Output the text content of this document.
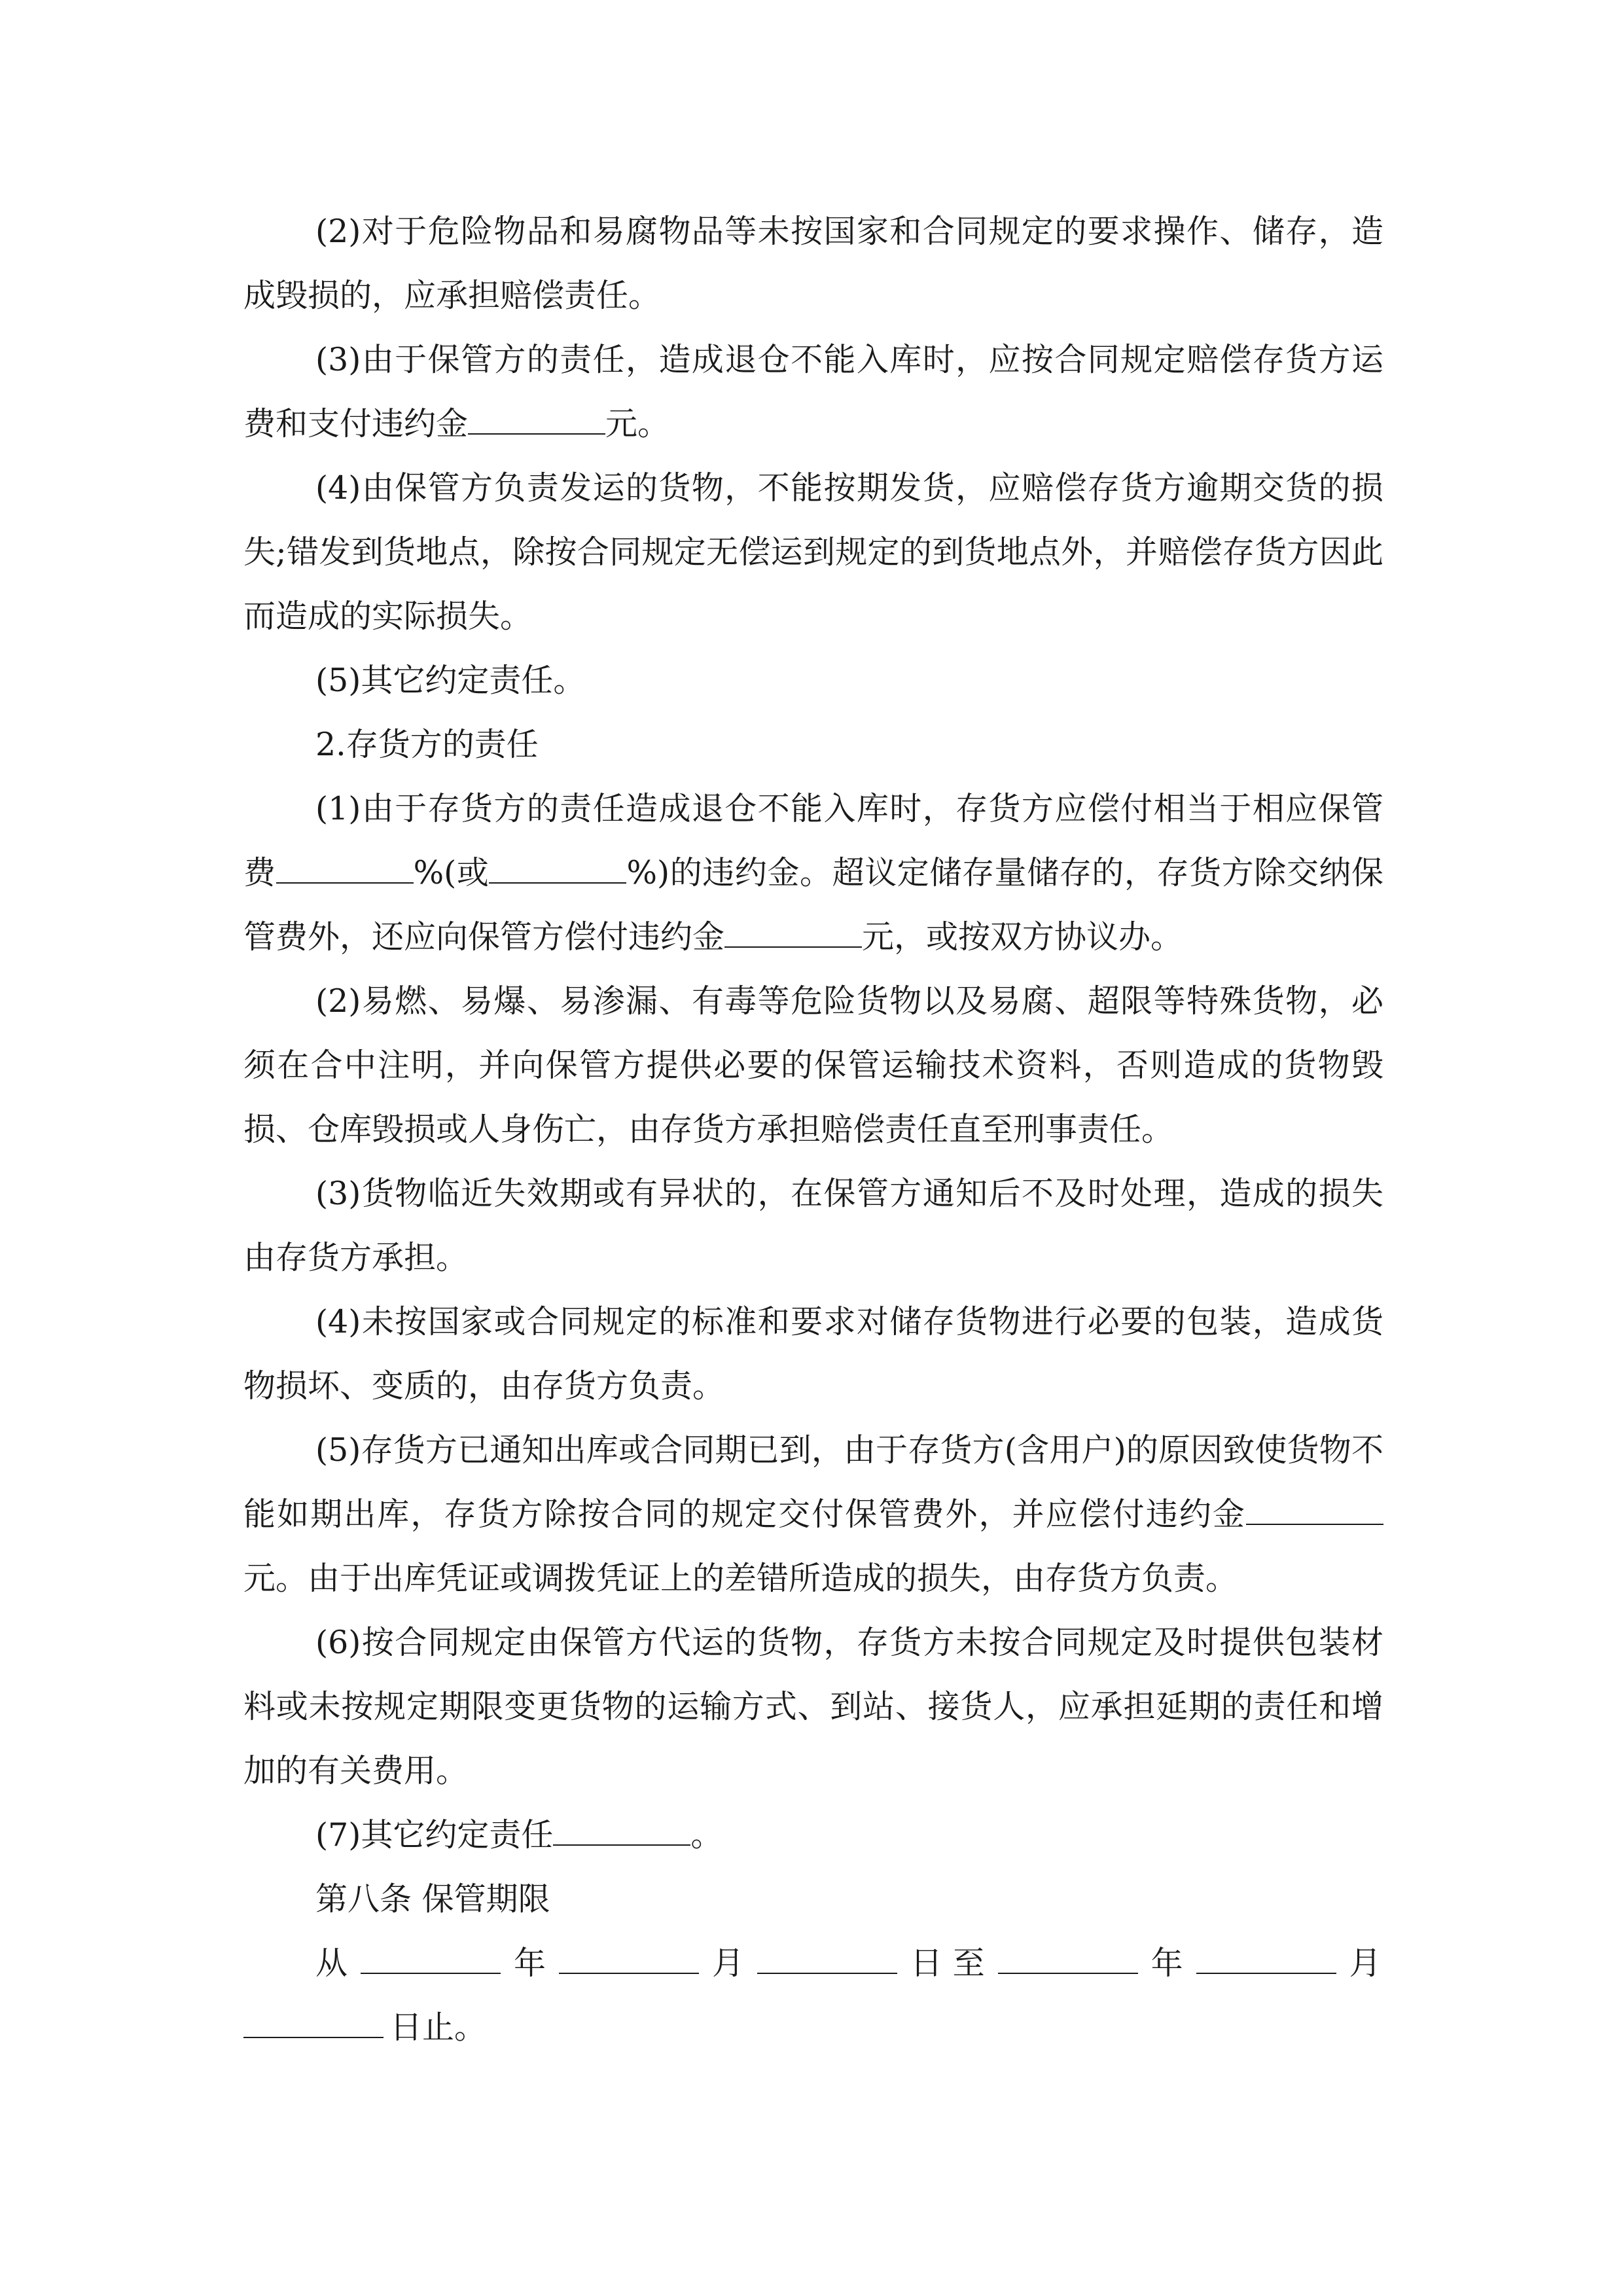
(2)对于危险物品和易腐物品等未按国家和合同规定的要求操作、储存，造成毁损的，应承担赔偿责任。

(3)由于保管方的责任，造成退仓不能入库时，应按合同规定赔偿存货方运费和支付违约金	元。

(4)由保管方负责发运的货物，不能按期发货，应赔偿存货方逾期交货的损失;错发到货地点，除按合同规定无偿运到规定的到货地点外，并赔偿存货方因此而造成的实际损失。

(5)其它约定责任。

2.存货方的责任

(1)由于存货方的责任造成退仓不能入库时，存货方应偿付相当于相应保管费	%(或	%)的违约金。超议定储存量储存的，存货方除交纳保管费外，还应向保管方偿付违约金	元，或按双方协议办。

(2)易燃、易爆、易渗漏、有毒等危险货物以及易腐、超限等特殊货物，必须在合中注明，并向保管方提供必要的保管运输技术资料，否则造成的货物毁损、仓库毁损或人身伤亡，由存货方承担赔偿责任直至刑事责任。

(3)货物临近失效期或有异状的，在保管方通知后不及时处理，造成的损失由存货方承担。

(4)未按国家或合同规定的标准和要求对储存货物进行必要的包装，造成货物损坏、变质的，由存货方负责。

(5)存货方已通知出库或合同期已到，由于存货方(含用户)的原因致使货物不能如期出库，存货方除按合同的规定交付保管费外，并应偿付违约金元。由于出库凭证或调拨凭证上的差错所造成的损失，由存货方负责。

(6)按合同规定由保管方代运的货物，存货方未按合同规定及时提供包装材料或未按规定期限变更货物的运输方式、到站、接货人，应承担延期的责任和增加的有关费用。

(7)其它约定责任	。

第八条 保管期限

从	年	月	日 至	年	月

日止。
